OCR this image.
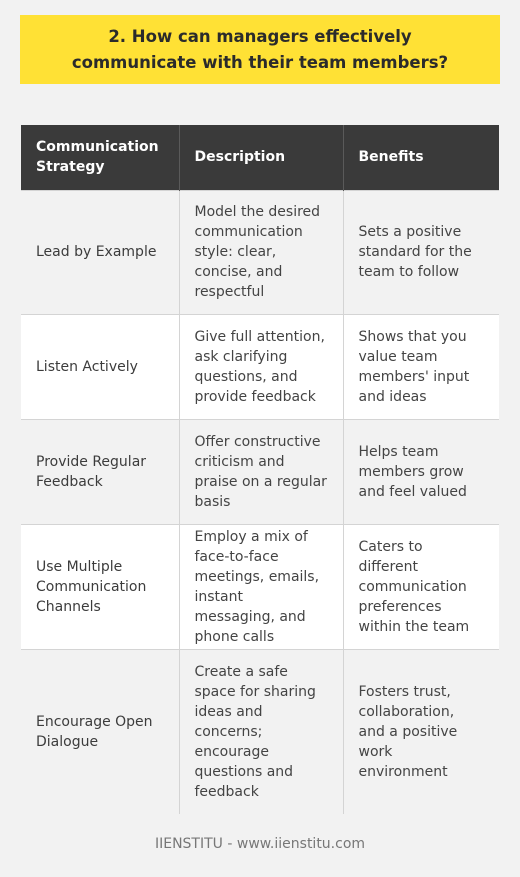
2. How can managers effectively communicate with their team members?
Communication Strategy	Description	Benefits
Lead by Example	Model the desired communication style: clear, concise, and respectful	Sets a positive standard for the team to follow
Listen Actively	Give full attention, ask clarifying questions, and provide feedback	Shows that you value team members' input and ideas
Provide Regular Feedback	Offer constructive criticism and praise on a regular basis	Helps team members grow and feel valued
Use Multiple Communication Channels	Employ a mix of face-to-face meetings, emails, instant messaging, and phone calls	Caters to different communication preferences within the team
Encourage Open Dialogue	Create a safe space for sharing ideas and concerns; encourage questions and feedback	Fosters trust, collaboration, and a positive work environment
IIENSTITU - www.iienstitu.com
